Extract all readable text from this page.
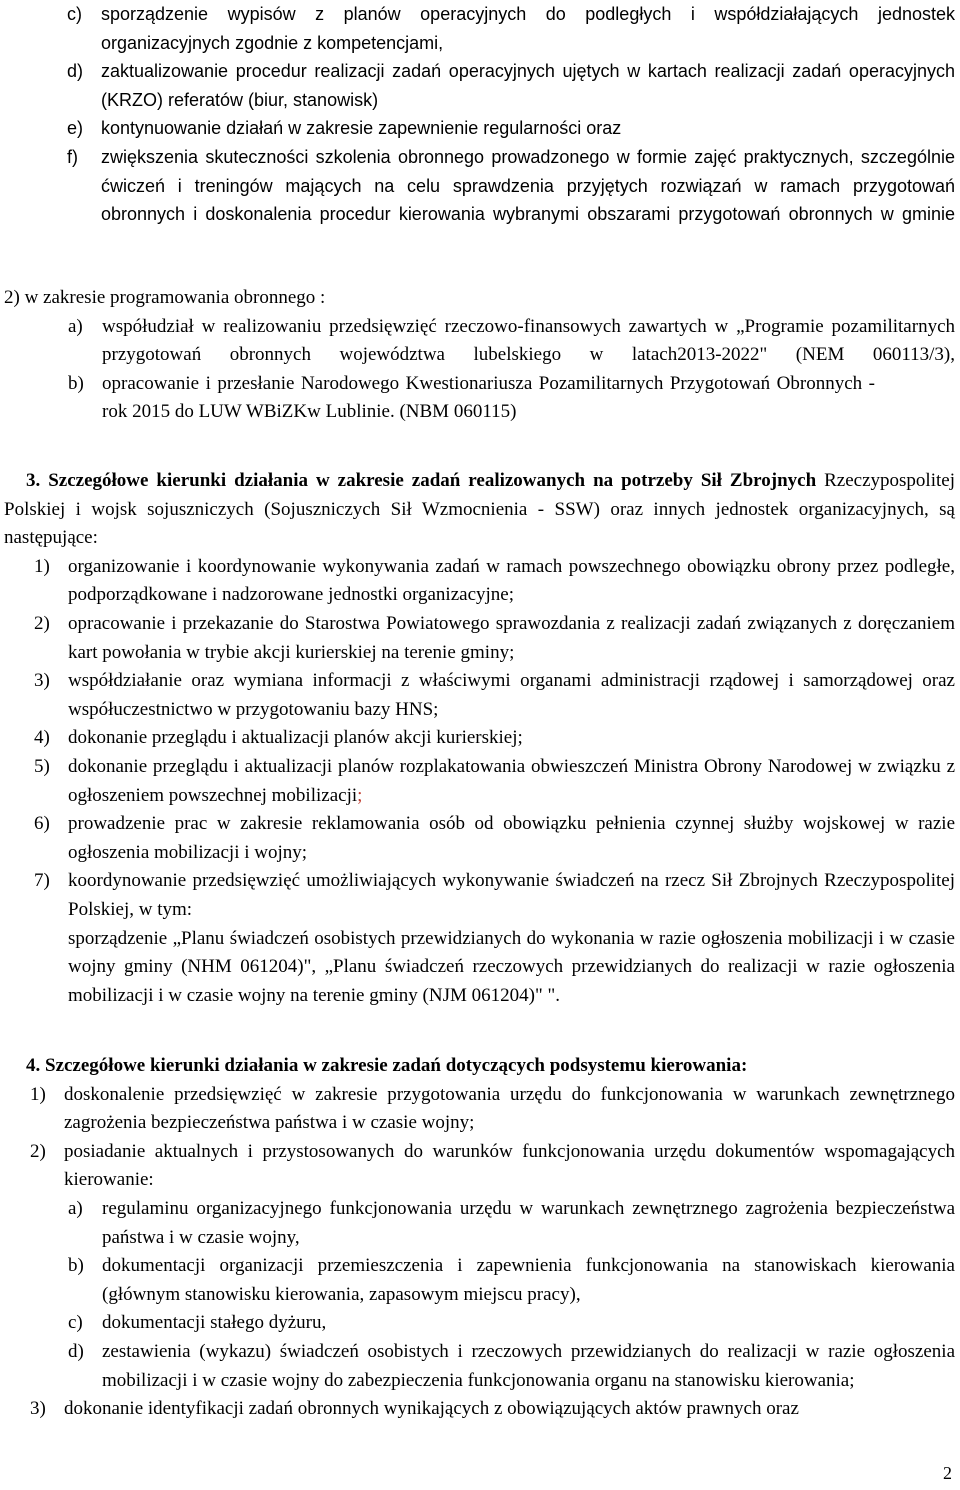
c) sporządzenie wypisów z planów operacyjnych do podległych i współdziałających jednostek organizacyjnych zgodnie z kompetencjami,
d) zaktualizowanie procedur realizacji zadań operacyjnych ujętych w kartach realizacji zadań operacyjnych (KRZO) referatów (biur, stanowisk)
e) kontynuowanie działań w zakresie zapewnienie regularności oraz
f) zwiększenia skuteczności szkolenia obronnego prowadzonego w formie zajęć praktycznych, szczególnie ćwiczeń i treningów mających na celu sprawdzenia przyjętych rozwiązań w ramach przygotowań obronnych i doskonalenia procedur kierowania wybranymi obszarami przygotowań obronnych w gminie
2) w zakresie programowania obronnego :
a) współudział w realizowaniu przedsięwzięć rzeczowo-finansowych zawartych w „Programie pozamilitarnych przygotowań obronnych województwa lubelskiego w latach2013-2022" (NEM 060113/3),
b) opracowanie i przesłanie Narodowego Kwestionariusza Pozamilitarnych Przygotowań Obronnych - rok 2015 do LUW WBiZKw Lublinie. (NBM 060115)
3. Szczegółowe kierunki działania w zakresie zadań realizowanych na potrzeby Sił Zbrojnych Rzeczypospolitej Polskiej i wojsk sojuszniczych (Sojuszniczych Sił Wzmocnienia - SSW) oraz innych jednostek organizacyjnych, są następujące:
1) organizowanie i koordynowanie wykonywania zadań w ramach powszechnego obowiązku obrony przez podległe, podporządkowane i nadzorowane jednostki organizacyjne;
2) opracowanie i przekazanie do Starostwa Powiatowego sprawozdania z realizacji zadań związanych z doręczaniem kart powołania w trybie akcji kurierskiej na terenie gminy;
3) współdziałanie oraz wymiana informacji z właściwymi organami administracji rządowej i samorządowej oraz współuczestnictwo w przygotowaniu bazy HNS;
4) dokonanie przeglądu i aktualizacji planów akcji kurierskiej;
5) dokonanie przeglądu i aktualizacji planów rozplakatowania obwieszczeń Ministra Obrony Narodowej w związku z ogłoszeniem powszechnej mobilizacji;
6) prowadzenie prac w zakresie reklamowania osób od obowiązku pełnienia czynnej służby wojskowej w razie ogłoszenia mobilizacji i wojny;
7) koordynowanie przedsięwzięć umożliwiających wykonywanie świadczeń na rzecz Sił Zbrojnych Rzeczypospolitej Polskiej, w tym:
sporządzenie „Planu świadczeń osobistych przewidzianych do wykonania w razie ogłoszenia mobilizacji i w czasie wojny gminy (NHM 061204)", „Planu świadczeń rzeczowych przewidzianych do realizacji w razie ogłoszenia mobilizacji i w czasie wojny na terenie gminy (NJM 061204)" ".
4. Szczegółowe kierunki działania w zakresie zadań dotyczących podsystemu kierowania:
1) doskonalenie przedsięwzięć w zakresie przygotowania urzędu do funkcjonowania w warunkach zewnętrznego zagrożenia bezpieczeństwa państwa i w czasie wojny;
2) posiadanie aktualnych i przystosowanych do warunków funkcjonowania urzędu dokumentów wspomagających kierowanie:
a) regulaminu organizacyjnego funkcjonowania urzędu w warunkach zewnętrznego zagrożenia bezpieczeństwa państwa i w czasie wojny,
b) dokumentacji organizacji przemieszczenia i zapewnienia funkcjonowania na stanowiskach kierowania (głównym stanowisku kierowania, zapasowym miejscu pracy),
c) dokumentacji stałego dyżuru,
d) zestawienia (wykazu) świadczeń osobistych i rzeczowych przewidzianych do realizacji w razie ogłoszenia mobilizacji i w czasie wojny do zabezpieczenia funkcjonowania organu na stanowisku kierowania;
3) dokonanie identyfikacji zadań obronnych wynikających z obowiązujących aktów prawnych oraz
2
